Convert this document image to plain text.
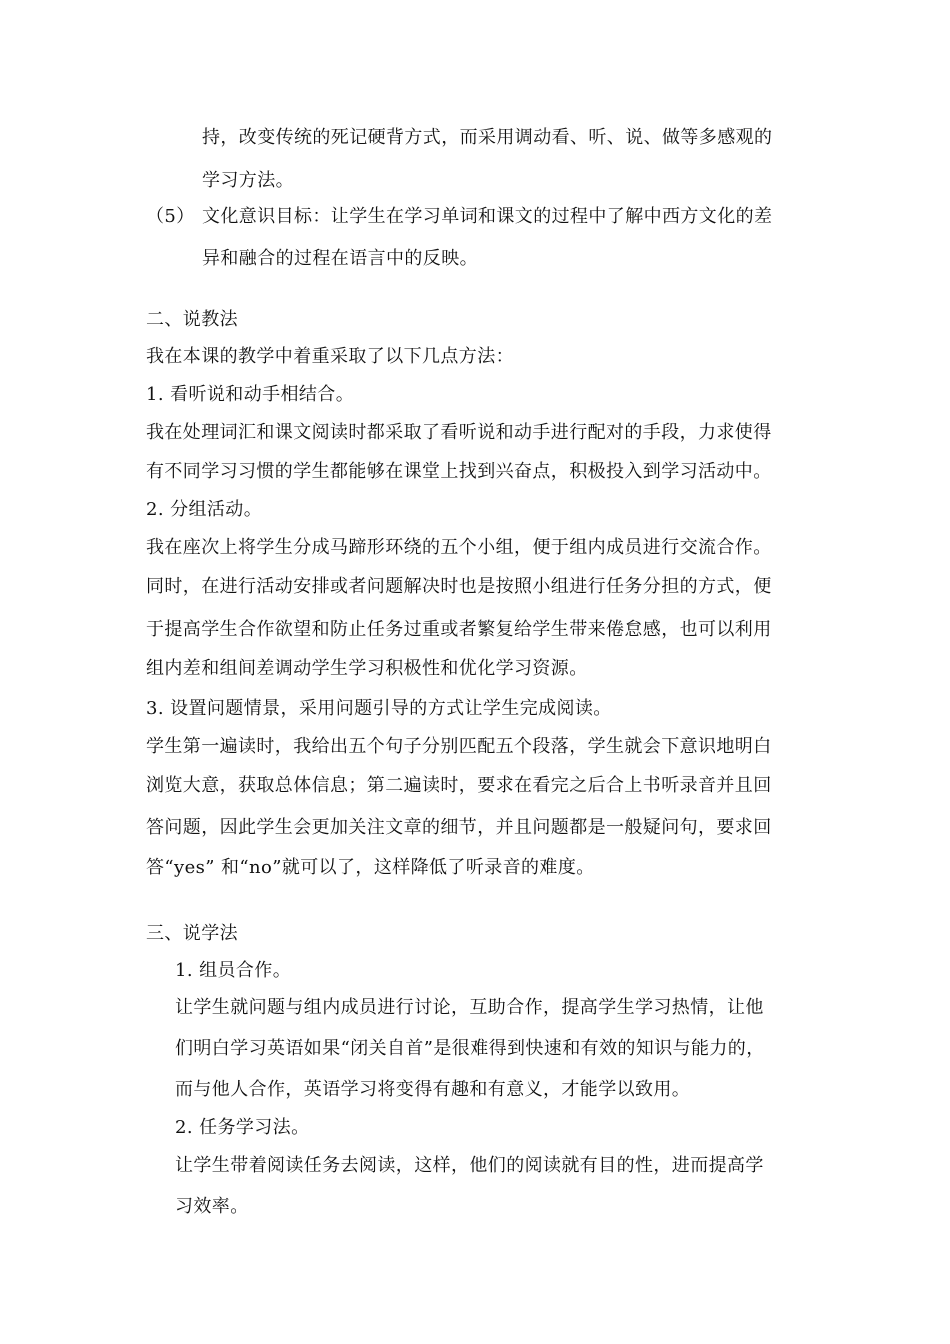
持，改变传统的死记硬背方式，而采用调动看、听、说、做等多感观的
学习方法。
（5） 文化意识目标：让学生在学习单词和课文的过程中了解中西方文化的差
异和融合的过程在语言中的反映。
二、说教法
我在本课的教学中着重采取了以下几点方法：
1. 看听说和动手相结合。
我在处理词汇和课文阅读时都采取了看听说和动手进行配对的手段，力求使得
有不同学习习惯的学生都能够在课堂上找到兴奋点，积极投入到学习活动中。
2. 分组活动。
我在座次上将学生分成马蹄形环绕的五个小组，便于组内成员进行交流合作。
同时，在进行活动安排或者问题解决时也是按照小组进行任务分担的方式，便
于提高学生合作欲望和防止任务过重或者繁复给学生带来倦怠感，也可以利用
组内差和组间差调动学生学习积极性和优化学习资源。
3. 设置问题情景，采用问题引导的方式让学生完成阅读。
学生第一遍读时，我给出五个句子分别匹配五个段落，学生就会下意识地明白
浏览大意，获取总体信息；第二遍读时，要求在看完之后合上书听录音并且回
答问题，因此学生会更加关注文章的细节，并且问题都是一般疑问句，要求回
答“yes” 和“no”就可以了，这样降低了听录音的难度。
三、说学法
1. 组员合作。
让学生就问题与组内成员进行讨论，互助合作，提高学生学习热情，让他
们明白学习英语如果“闭关自首”是很难得到快速和有效的知识与能力的，
而与他人合作，英语学习将变得有趣和有意义，才能学以致用。
2. 任务学习法。
让学生带着阅读任务去阅读，这样，他们的阅读就有目的性，进而提高学
习效率。
